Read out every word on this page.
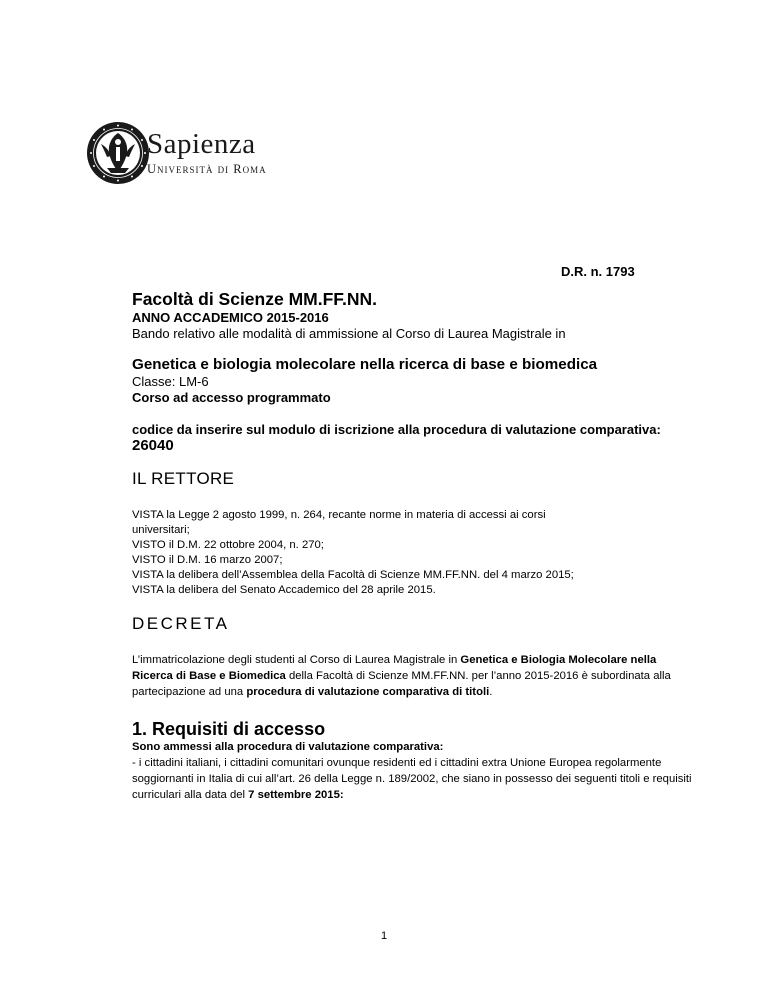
Sapienza
Università di Roma
D.R. n. 1793
Facoltà di Scienze MM.FF.NN.
ANNO ACCADEMICO 2015-2016
Bando relativo alle modalità di ammissione al Corso di Laurea Magistrale in
Genetica e biologia molecolare nella ricerca di base e biomedica
Classe: LM-6
Corso ad accesso programmato
codice da inserire sul modulo di iscrizione alla procedura di valutazione comparativa: 26040
IL RETTORE
VISTA la Legge 2 agosto 1999, n. 264, recante norme in materia di accessi ai corsi
universitari;
VISTO il D.M. 22 ottobre 2004, n. 270;
VISTO il D.M. 16 marzo 2007;
VISTA la delibera dell’Assemblea della Facoltà di Scienze MM.FF.NN. del 4 marzo 2015;
VISTA la delibera del Senato Accademico del 28 aprile 2015.
DECRETA
L’immatricolazione degli studenti al Corso di Laurea Magistrale in Genetica e Biologia Molecolare nella Ricerca di Base e Biomedica della Facoltà di Scienze MM.FF.NN. per l’anno 2015-2016 è subordinata alla partecipazione ad una procedura di valutazione comparativa di titoli.
1. Requisiti di accesso
Sono ammessi alla procedura di valutazione comparativa:
- i cittadini italiani, i cittadini comunitari ovunque residenti ed i cittadini extra Unione Europea regolarmente soggiornanti in Italia di cui all’art. 26 della Legge n. 189/2002, che siano in possesso dei seguenti titoli e requisiti curriculari alla data del 7 settembre 2015:
1
